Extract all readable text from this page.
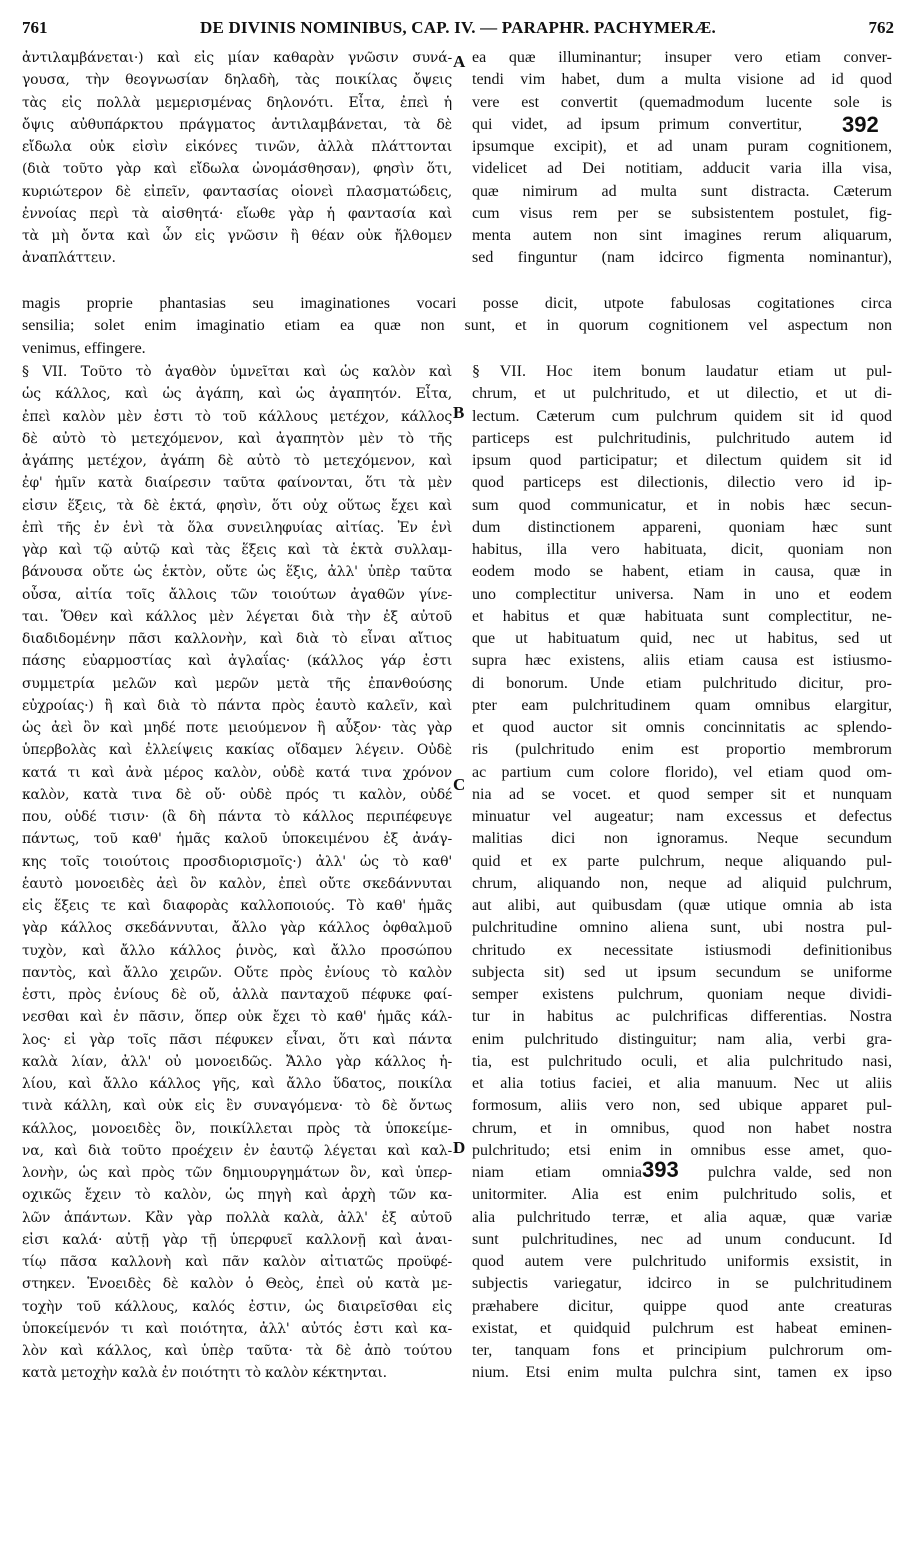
761	DE DIVINIS NOMINIBUS, CAP. IV. — PARAPHR. PACHYMERÆ.	762
ἀντιλαμβάνεται·) καὶ εἰς μίαν καθαρὰν γνῶσιν συνά-
γουσα, τὴν θεογνωσίαν δηλαδὴ, τὰς ποικίλας ὄψεις
τὰς εἰς πολλὰ μεμερισμένας δηλονότι. Εἶτα, ἐπεὶ ἡ
ὄψις αὐθυπάρκτου πράγματος ἀντιλαμβάνεται, τὰ δὲ
εἴδωλα οὐκ εἰσὶν εἰκόνες τινῶν, ἀλλὰ πλάττονται
(διὰ τοῦτο γὰρ καὶ εἴδωλα ὠνομάσθησαν), φησὶν ὅτι,
κυριώτερον δὲ εἰπεῖν, φαντασίας οἱονεὶ πλασματώδεις,
ἐννοίας περὶ τὰ αἰσθητά· εἴωθε γὰρ ἡ φαντασία καὶ
τὰ μὴ ὄντα καὶ ὧν εἰς γνῶσιν ἢ θέαν οὐκ ἤλθομεν
ἀναπλάττειν.
ea quæ illuminantur; insuper vero etiam conver-
tendi vim habet, dum a multa visione ad id quod
vere est convertit (quemadmodum lucente sole is
qui videt, ad ipsum primum convertitur,
ipsumque excipit), et ad unam puram cognitionem,
videlicet ad Dei notitiam, adducit varia illa visa,
quæ nimirum ad multa sunt distracta. Cæterum
cum visus rem per se subsistentem postulet, fig-
menta autem non sint imagines rerum aliquarum,
sed finguntur (nam idcirco figmenta nominantur),
magis proprie phantasias seu imaginationes vocari posse dicit, utpote fabulosas cogitationes circa
sensilia; solet enim imaginatio etiam ea quæ non sunt, et in quorum cognitionem vel aspectum non
venimus, effingere.
§ VII. Τοῦτο τὸ ἀγαθὸν ὑμνεῖται καὶ ὡς καλὸν καὶ
ὡς κάλλος, καὶ ὡς ἀγάπη, καὶ ὡς ἀγαπητόν. Εἶτα,
ἐπεὶ καλὸν μὲν ἐστι τὸ τοῦ κάλλους μετέχον, κάλλος
δὲ αὐτὸ τὸ μετεχόμενον, καὶ ἀγαπητὸν μὲν τὸ τῆς
ἀγάπης μετέχον, ἀγάπη δὲ αὐτὸ τὸ μετεχόμενον, καὶ
ἐφ' ἡμῖν κατὰ διαίρεσιν ταῦτα φαίνονται, ὅτι τὰ μὲν
εἰσιν ἕξεις, τὰ δὲ ἑκτά, φησὶν, ὅτι οὐχ οὕτως ἔχει καὶ
ἐπὶ τῆς ἐν ἑνὶ τὰ ὅλα συνειληφυίας αἰτίας. Ἐν ἑνὶ
γὰρ καὶ τῷ αὐτῷ καὶ τὰς ἕξεις καὶ τὰ ἑκτὰ συλλαμ-
βάνουσα οὔτε ὡς ἑκτὸν, οὔτε ὡς ἕξις, ἀλλ' ὑπὲρ ταῦτα
οὖσα, αἰτία τοῖς ἄλλοις τῶν τοιούτων ἀγαθῶν γίνε-
ται. Ὅθεν καὶ κάλλος μὲν λέγεται διὰ τὴν ἐξ αὐτοῦ
διαδιδομένην πᾶσι καλλονὴν, καὶ διὰ τὸ εἶναι αἴτιος
πάσης εὐαρμοστίας καὶ ἀγλαΐας· (κάλλος γάρ ἐστι
συμμετρία μελῶν καὶ μερῶν μετὰ τῆς ἐπανθούσης
εὐχροίας·) ἢ καὶ διὰ τὸ πάντα πρὸς ἑαυτὸ καλεῖν, καὶ
ὡς ἀεὶ ὂν καὶ μηδέ ποτε μειούμενον ἢ αὖξον· τὰς γὰρ
ὑπερβολὰς καὶ ἐλλείψεις κακίας οἴδαμεν λέγειν. Οὐδὲ
κατά τι καὶ ἀνὰ μέρος καλὸν, οὐδὲ κατά τινα χρόνον
καλὸν, κατὰ τινα δὲ οὔ· οὐδὲ πρός τι καλὸν, οὐδέ
που, οὐδέ τισιν· (ἃ δὴ πάντα τὸ κάλλος περιπέφευγε
πάντως, τοῦ καθ' ἡμᾶς καλοῦ ὑποκειμένου ἐξ ἀνάγ-
κης τοῖς τοιούτοις προσδιορισμοῖς·) ἀλλ' ὡς τὸ καθ'
ἑαυτὸ μονοειδὲς ἀεὶ ὂν καλὸν, ἐπεὶ οὔτε σκεδάννυται
εἰς ἕξεις τε καὶ διαφορὰς καλλοποιούς. Τὸ καθ' ἡμᾶς
γὰρ κάλλος σκεδάννυται, ἄλλο γὰρ κάλλος ὀφθαλμοῦ
τυχὸν, καὶ ἄλλο κάλλος ῥινὸς, καὶ ἄλλο προσώπου
παντὸς, καὶ ἄλλο χειρῶν. Οὔτε πρὸς ἐνίους τὸ καλὸν
ἐστι, πρὸς ἐνίους δὲ οὔ, ἀλλὰ πανταχοῦ πέφυκε φαί-
νεσθαι καὶ ἐν πᾶσιν, ὅπερ οὐκ ἔχει τὸ καθ' ἡμᾶς κάλ-
λος· εἰ γὰρ τοῖς πᾶσι πέφυκεν εἶναι, ὅτι καὶ πάντα
καλὰ λίαν, ἀλλ' οὐ μονοειδῶς. Ἄλλο γὰρ κάλλος ἡ-
λίου, καὶ ἄλλο κάλλος γῆς, καὶ ἄλλο ὕδατος, ποικίλα
τινὰ κάλλη, καὶ οὐκ εἰς ἓν συναγόμενα· τὸ δὲ ὄντως
κάλλος, μονοειδὲς ὂν, ποικίλλεται πρὸς τὰ ὑποκείμε-
να, καὶ διὰ τοῦτο προέχειν ἐν ἑαυτῷ λέγεται καὶ καλ-
λονὴν, ὡς καὶ πρὸς τῶν δημιουργημάτων ὂν, καὶ ὑπερ-
οχικῶς ἔχειν τὸ καλὸν, ὡς πηγὴ καὶ ἀρχὴ τῶν κα-
λῶν ἁπάντων. Κἂν γὰρ πολλὰ καλὰ, ἀλλ' ἐξ αὐτοῦ
εἰσι καλά· αὐτῇ γὰρ τῇ ὑπερφυεῖ καλλονῇ καὶ ἀναι-
τίῳ πᾶσα καλλονὴ καὶ πᾶν καλὸν αἰτιατῶς προϋφέ-
στηκεν. Ἑνοειδὲς δὲ καλὸν ὁ Θεὸς, ἐπεὶ οὐ κατὰ με-
τοχὴν τοῦ κάλλους, καλός ἐστιν, ὡς διαιρεῖσθαι εἰς
ὑποκείμενόν τι καὶ ποιότητα, ἀλλ' αὐτός ἐστι καὶ κα-
λὸν καὶ κάλλος, καὶ ὑπὲρ ταῦτα· τὰ δὲ ἀπὸ τούτου
κατὰ μετοχὴν καλὰ ἐν ποιότητι τὸ καλὸν κέκτηνται.
§ VII. Hoc item bonum laudatur etiam ut pul-
chrum, et ut pulchritudo, et ut dilectio, et ut di-
lectum. Cæterum cum pulchrum quidem sit id quod
particeps est pulchritudinis, pulchritudo autem id
ipsum quod participatur; et dilectum quidem sit id
quod particeps est dilectionis, dilectio vero id ip-
sum quod communicatur, et in nobis hæc secun-
dum distinctionem appareni, quoniam hæc sunt
habitus, illa vero habituata, dicit, quoniam non
eodem modo se habent, etiam in causa, quæ in
uno complectitur universa. Nam in uno et eodem
et habitus et quæ habituata sunt complectitur, ne-
que ut habituatum quid, nec ut habitus, sed ut
supra hæc existens, aliis etiam causa est istiusmo-
di bonorum. Unde etiam pulchritudo dicitur, pro-
pter eam pulchritudinem quam omnibus elargitur,
et quod auctor sit omnis concinnitatis ac splendo-
ris (pulchritudo enim est proportio membrorum
ac partium cum colore florido), vel etiam quod om-
nia ad se vocet. et quod semper sit et nunquam
minuatur vel augeatur; nam excessus et defectus
malitias dici non ignoramus. Neque secundum
quid et ex parte pulchrum, neque aliquando pul-
chrum, aliquando non, neque ad aliquid pulchrum,
aut alibi, aut quibusdam (quæ utique omnia ab ista
pulchritudine omnino aliena sunt, ubi nostra pul-
chritudo ex necessitate istiusmodi definitionibus
subjecta sit) sed ut ipsum secundum se uniforme
semper existens pulchrum, quoniam neque dividi-
tur in habitus ac pulchrificas differentias. Nostra
enim pulchritudo distinguitur; nam alia, verbi gra-
tia, est pulchritudo oculi, et alia pulchritudo nasi,
et alia totius faciei, et alia manuum. Nec ut aliis
formosum, aliis vero non, sed ubique apparet pul-
chrum, et in omnibus, quod non habet nostra
pulchritudo; etsi enim in omnibus esse amet, quo-
niam etiam omnia
unitormiter. Alia est enim pulchritudo solis, et
alia pulchritudo terræ, et alia aquæ, quæ variæ
sunt pulchritudines, nec ad unum conducunt. Id
quod autem vere pulchritudo uniformis exsistit, in
subjectis variegatur, idcirco in se pulchritudinem
præhabere dicitur, quippe quod ante creaturas
existat, et quidquid pulchrum est habeat eminen-
ter, tanquam fons et principium pulchrorum om-
nium. Etsi enim multa pulchra sint, tamen ex ipso
pulchra valde, sed non
A
B
C
D
392
393
